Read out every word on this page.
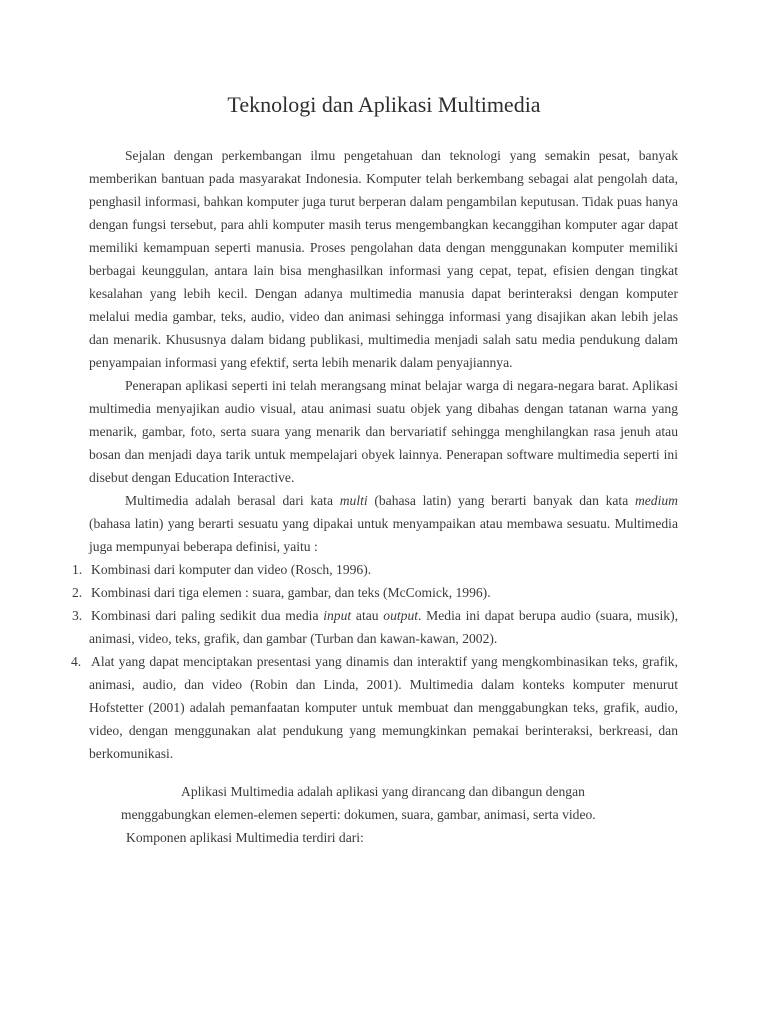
Teknologi dan Aplikasi Multimedia

Sejalan dengan perkembangan ilmu pengetahuan dan teknologi yang semakin pesat, banyak memberikan bantuan pada masyarakat Indonesia. Komputer telah berkembang sebagai alat pengolah data, penghasil informasi, bahkan komputer juga turut berperan dalam pengambilan keputusan. Tidak puas hanya dengan fungsi tersebut, para ahli komputer masih terus mengembangkan kecanggihan komputer agar dapat memiliki kemampuan seperti manusia. Proses pengolahan data dengan menggunakan komputer memiliki berbagai keunggulan, antara lain bisa menghasilkan informasi yang cepat, tepat, efisien dengan tingkat kesalahan yang lebih kecil. Dengan adanya multimedia manusia dapat berinteraksi dengan komputer melalui media gambar, teks, audio, video dan animasi sehingga informasi yang disajikan akan lebih jelas dan menarik. Khususnya dalam bidang publikasi, multimedia menjadi salah satu media pendukung dalam penyampaian informasi yang efektif, serta lebih menarik dalam penyajiannya.

Penerapan aplikasi seperti ini telah merangsang minat belajar warga di negara-negara barat. Aplikasi multimedia menyajikan audio visual, atau animasi suatu objek yang dibahas dengan tatanan warna yang menarik, gambar, foto, serta suara yang menarik dan bervariatif sehingga menghilangkan rasa jenuh atau bosan dan menjadi daya tarik untuk mempelajari obyek lainnya. Penerapan software multimedia seperti ini disebut dengan Education Interactive.

Multimedia adalah berasal dari kata multi (bahasa latin) yang berarti banyak dan kata medium (bahasa latin) yang berarti sesuatu yang dipakai untuk menyampaikan atau membawa sesuatu. Multimedia juga mempunyai beberapa definisi, yaitu :

1. Kombinasi dari komputer dan video (Rosch, 1996).
2. Kombinasi dari tiga elemen : suara, gambar, dan teks (McComick, 1996).
3. Kombinasi dari paling sedikit dua media input atau output. Media ini dapat berupa audio (suara, musik), animasi, video, teks, grafik, dan gambar (Turban dan kawan-kawan, 2002).
4. Alat yang dapat menciptakan presentasi yang dinamis dan interaktif yang mengkombinasikan teks, grafik, animasi, audio, dan video (Robin dan Linda, 2001). Multimedia dalam konteks komputer menurut Hofstetter (2001) adalah pemanfaatan komputer untuk membuat dan menggabungkan teks, grafik, audio, video, dengan menggunakan alat pendukung yang memungkinkan pemakai berinteraksi, berkreasi, dan berkomunikasi.
Aplikasi Multimedia adalah aplikasi yang dirancang dan dibangun dengan
menggabungkan elemen-elemen seperti: dokumen, suara, gambar, animasi, serta video.
Komponen aplikasi Multimedia terdiri dari:
